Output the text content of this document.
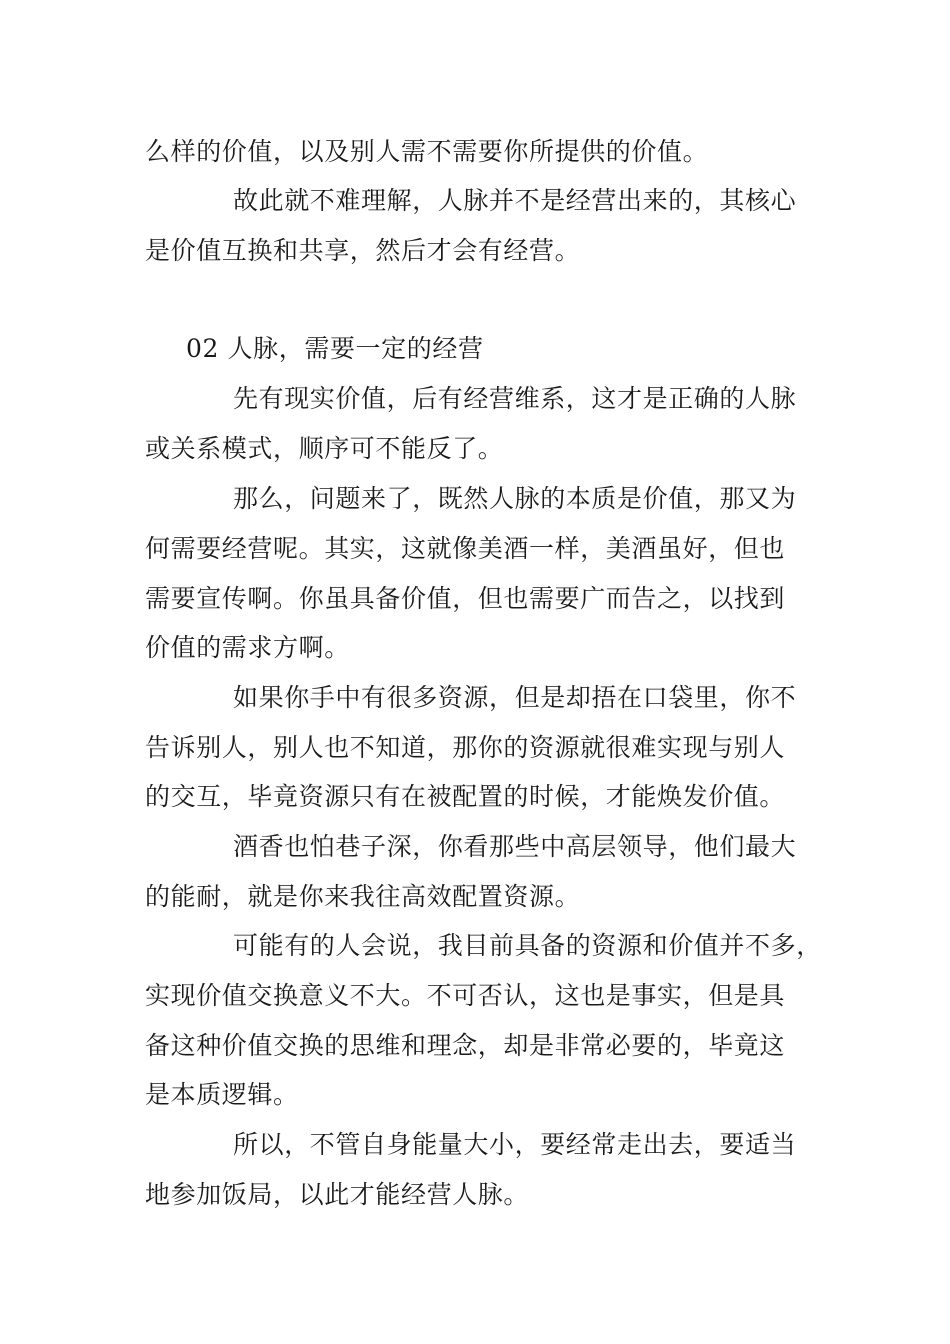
么样的价值，以及别人需不需要你所提供的价值。
故此就不难理解，人脉并不是经营出来的，其核心
是价值互换和共享，然后才会有经营。
02 人脉，需要一定的经营
先有现实价值，后有经营维系，这才是正确的人脉
或关系模式，顺序可不能反了。
那么，问题来了，既然人脉的本质是价值，那又为
何需要经营呢。其实，这就像美酒一样，美酒虽好，但也
需要宣传啊。你虽具备价值，但也需要广而告之，以找到
价值的需求方啊。
如果你手中有很多资源，但是却捂在口袋里，你不
告诉别人，别人也不知道，那你的资源就很难实现与别人
的交互，毕竟资源只有在被配置的时候，才能焕发价值。
酒香也怕巷子深，你看那些中高层领导，他们最大
的能耐，就是你来我往高效配置资源。
可能有的人会说，我目前具备的资源和价值并不多，
实现价值交换意义不大。不可否认，这也是事实，但是具
备这种价值交换的思维和理念，却是非常必要的，毕竟这
是本质逻辑。
所以，不管自身能量大小，要经常走出去，要适当
地参加饭局，以此才能经营人脉。
